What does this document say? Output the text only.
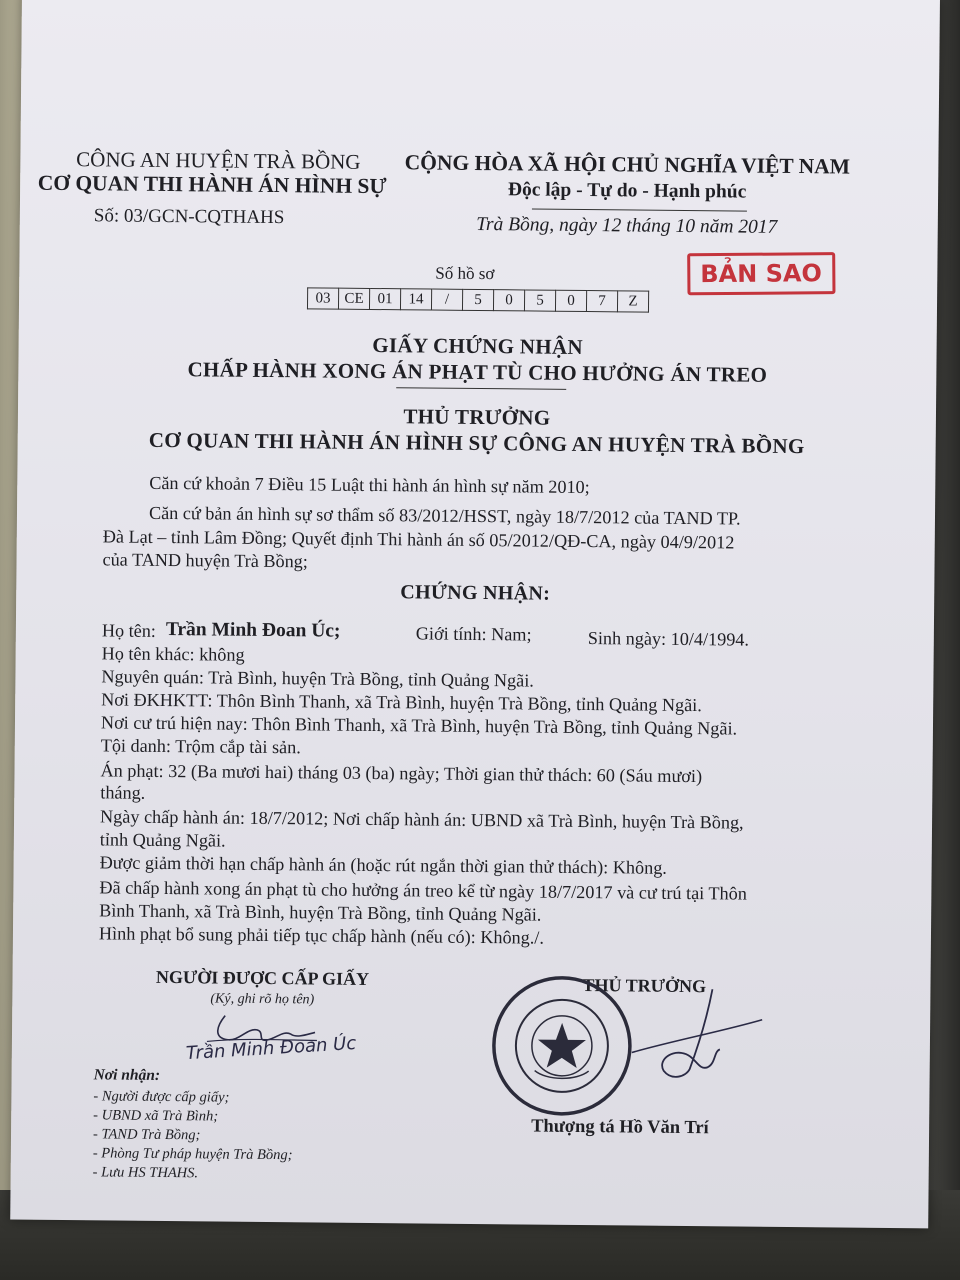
CÔNG AN HUYỆN TRÀ BỒNG
CƠ QUAN THI HÀNH ÁN HÌNH SỰ
Số: 03/GCN-CQTHAHS
CỘNG HÒA XÃ HỘI CHỦ NGHĨA VIỆT NAM
Độc lập - Tự do - Hạnh phúc
Trà Bồng, ngày 12 tháng 10 năm 2017
BẢN SAO
Số hồ sơ
03	CE	01	14	/	5	0	5	0	7	Z
GIẤY CHỨNG NHẬN
CHẤP HÀNH XONG ÁN PHẠT TÙ CHO HƯỞNG ÁN TREO
THỦ TRƯỞNG
CƠ QUAN THI HÀNH ÁN HÌNH SỰ CÔNG AN HUYỆN TRÀ BỒNG
Căn cứ khoản 7 Điều 15 Luật thi hành án hình sự năm 2010;
Căn cứ bản án hình sự sơ thẩm số 83/2012/HSST, ngày 18/7/2012 của TAND TP.
Đà Lạt – tỉnh Lâm Đồng; Quyết định Thi hành án số 05/2012/QĐ-CA, ngày 04/9/2012
của TAND huyện Trà Bồng;
CHỨNG NHẬN:
Họ tên: Trần Minh Đoan Úc;	Giới tính: Nam;	Sinh ngày: 10/4/1994.
Họ tên khác: không
Nguyên quán: Trà Bình, huyện Trà Bồng, tỉnh Quảng Ngãi.
Nơi ĐKHKTT: Thôn Bình Thanh, xã Trà Bình, huyện Trà Bồng, tỉnh Quảng Ngãi.
Nơi cư trú hiện nay: Thôn Bình Thanh, xã Trà Bình, huyện Trà Bồng, tỉnh Quảng Ngãi.
Tội danh: Trộm cắp tài sản.
Án phạt: 32 (Ba mươi hai) tháng 03 (ba) ngày; Thời gian thử thách: 60 (Sáu mươi)
tháng.
Ngày chấp hành án: 18/7/2012; Nơi chấp hành án: UBND xã Trà Bình, huyện Trà Bồng,
tỉnh Quảng Ngãi.
Được giảm thời hạn chấp hành án (hoặc rút ngắn thời gian thử thách): Không.
Đã chấp hành xong án phạt tù cho hưởng án treo kể từ ngày 18/7/2017 và cư trú tại Thôn
Bình Thanh, xã Trà Bình, huyện Trà Bồng, tỉnh Quảng Ngãi.
Hình phạt bổ sung phải tiếp tục chấp hành (nếu có): Không./.
NGƯỜI ĐƯỢC CẤP GIẤY
(Ký, ghi rõ họ tên)
Trần Minh Đoan Úc
THỦ TRƯỞNG
Thượng tá Hồ Văn Trí
Nơi nhận:
- Người được cấp giấy;
- UBND xã Trà Bình;
- TAND Trà Bồng;
- Phòng Tư pháp huyện Trà Bồng;
- Lưu HS THAHS.
